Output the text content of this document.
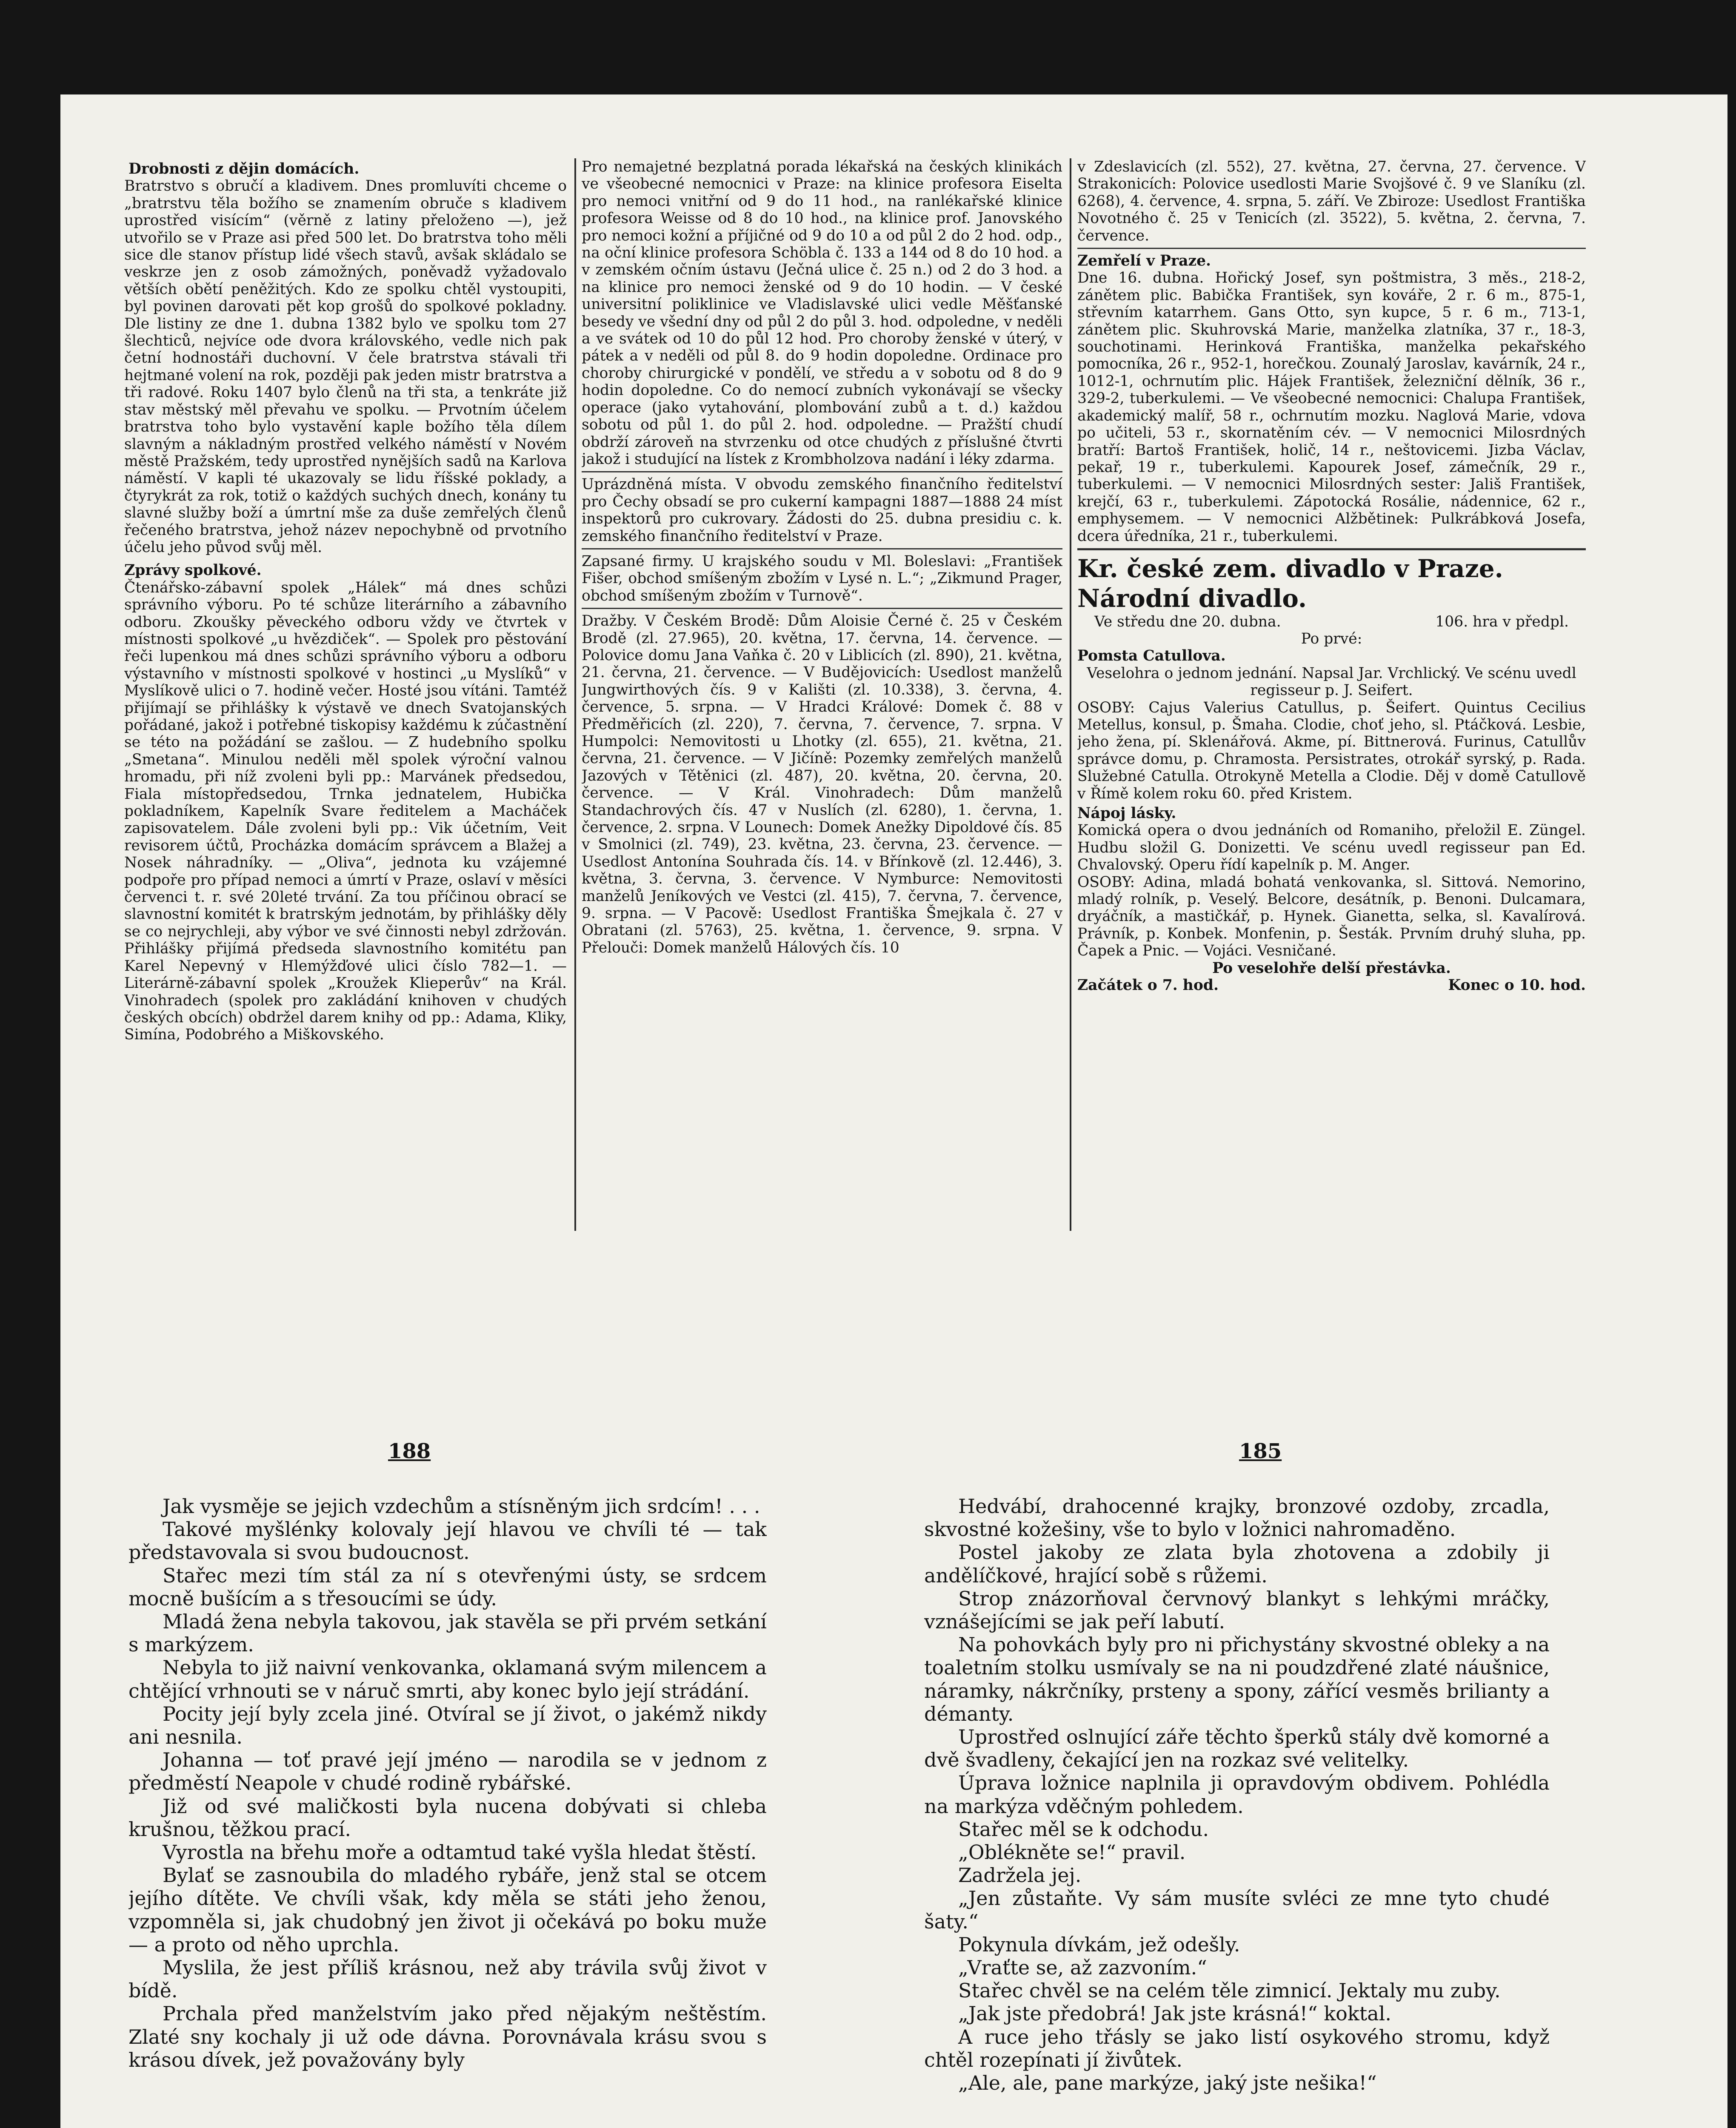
Drobnosti z dějin domácích.

Bratrstvo s obručí a kladivem. Dnes promluvíti chceme o „bratrstvu těla božího se znamením obruče s kladivem uprostřed visícím“ (věrně z latiny přeloženo —), jež utvořilo se v Praze asi před 500 let. Do bratrstva toho měli sice dle stanov přístup lidé všech stavů, avšak skládalo se veskrze jen z osob zámožných, poněvadž vyžadovalo větších obětí peněžitých. Kdo ze spolku chtěl vystoupiti, byl povinen darovati pět kop grošů do spolkové pokladny. Dle listiny ze dne 1. dubna 1382 bylo ve spolku tom 27 šlechticů, nejvíce ode dvora královského, vedle nich pak četní hodnostáři duchovní. V čele bratrstva stávali tři hejtmané volení na rok, později pak jeden mistr bratrstva a tři radové. Roku 1407 bylo členů na tři sta, a tenkráte již stav městský měl převahu ve spolku. — Prvotním účelem bratrstva toho bylo vystavění kaple božího těla dílem slavným a nákladným prostřed velkého náměstí v Novém městě Pražském, tedy uprostřed nynějších sadů na Karlova náměstí. V kapli té ukazovaly se lidu říšské poklady, a čtyrykrát za rok, totiž o každých suchých dnech, konány tu slavné služby boží a úmrtní mše za duše zemřelých členů řečeného bratrstva, jehož název nepochybně od prvotního účelu jeho původ svůj měl.

Zprávy spolkové.

Čtenářsko-zábavní spolek „Hálek“ má dnes schůzi správního výboru. Po té schůze literárního a zábavního odboru. Zkoušky pěveckého odboru vždy ve čtvrtek v místnosti spolkové „u hvězdiček“. — Spolek pro pěstování řeči lupenkou má dnes schůzi správního výboru a odboru výstavního v místnosti spolkové v hostinci „u Myslíků“ v Myslíkově ulici o 7. hodině večer. Hosté jsou vítáni. Tamtéž přijímají se přihlášky k výstavě ve dnech Svatojanských pořádané, jakož i potřebné tiskopisy každému k zúčastnění se této na požádání se zašlou. — Z hudebního spolku „Smetana“. Minulou neděli měl spolek výroční valnou hromadu, při níž zvoleni byli pp.: Marvánek předsedou, Fiala místopředsedou, Trnka jednatelem, Hubička pokladníkem, Kapelník Svare ředitelem a Macháček zapisovatelem. Dále zvoleni byli pp.: Vik účetním, Veit revisorem účtů, Procházka domácím správcem a Blažej a Nosek náhradníky. — „Oliva“, jednota ku vzájemné podpoře pro případ nemoci a úmrtí v Praze, oslaví v měsíci červenci t. r. své 20leté trvání. Za tou příčinou obrací se slavnostní komitét k bratrským jednotám, by přihlášky děly se co nejrychleji, aby výbor ve své činnosti nebyl zdržován. Přihlášky přijímá předseda slavnostního komitétu pan Karel Nepevný v Hlemýžďové ulici číslo 782—1. — Literárně-zábavní spolek „Kroužek Klieperův“ na Král. Vinohradech (spolek pro zakládání knihoven v chudých českých obcích) obdržel darem knihy od pp.: Adama, Kliky, Simína, Podobrého a Miškovského.

Pro nemajetné bezplatná porada lékařská na českých klinikách ve všeobecné nemocnici v Praze: na klinice profesora Eiselta pro nemoci vnitřní od 9 do 11 hod., na ranlékařské klinice profesora Weisse od 8 do 10 hod., na klinice prof. Janovského pro nemoci kožní a příjičné od 9 do 10 a od půl 2 do 2 hod. odp., na oční klinice profesora Schöbla č. 133 a 144 od 8 do 10 hod. a v zemském očním ústavu (Ječná ulice č. 25 n.) od 2 do 3 hod. a na klinice pro nemoci ženské od 9 do 10 hodin. — V české universitní poliklinice ve Vladislavské ulici vedle Měšťanské besedy ve všední dny od půl 2 do půl 3. hod. odpoledne, v neděli a ve svátek od 10 do půl 12 hod. Pro choroby ženské v úterý, v pátek a v neděli od půl 8. do 9 hodin dopoledne. Ordinace pro choroby chirurgické v pondělí, ve středu a v sobotu od 8 do 9 hodin dopoledne. Co do nemocí zubních vykonávají se všecky operace (jako vytahování, plombování zubů a t. d.) každou sobotu od půl 1. do půl 2. hod. odpoledne. — Pražští chudí obdrží zároveň na stvrzenku od otce chudých z příslušné čtvrti jakož i studující na lístek z Krombholzova nadání i léky zdarma.

Uprázdněná místa. V obvodu zemského finančního ředitelství pro Čechy obsadí se pro cukerní kampagni 1887—1888 24 míst inspektorů pro cukrovary. Žádosti do 25. dubna presidiu c. k. zemského finančního ředitelství v Praze.

Zapsané firmy. U krajského soudu v Ml. Boleslavi: „František Fišer, obchod smíšeným zbožím v Lysé n. L.“; „Zikmund Prager, obchod smíšeným zbožím v Turnově“.

Dražby. V Českém Brodě: Dům Aloisie Černé č. 25 v Českém Brodě (zl. 27.965), 20. května, 17. června, 14. července. — Polovice domu Jana Vaňka č. 20 v Liblicích (zl. 890), 21. května, 21. června, 21. července. — V Budějovicích: Usedlost manželů Jungwirthových čís. 9 v Kališti (zl. 10.338), 3. června, 4. července, 5. srpna. — V Hradci Králové: Domek č. 88 v Předměřicích (zl. 220), 7. června, 7. července, 7. srpna. V Humpolci: Nemovitosti u Lhotky (zl. 655), 21. května, 21. června, 21. července. — V Jičíně: Pozemky zemřelých manželů Jazových v Tětěnici (zl. 487), 20. května, 20. června, 20. července. — V Král. Vinohradech: Dům manželů Standachrových čís. 47 v Nuslích (zl. 6280), 1. června, 1. července, 2. srpna. V Lounech: Domek Anežky Dipoldové čís. 85 v Smolnici (zl. 749), 23. května, 23. června, 23. července. — Usedlost Antonína Souhrada čís. 14. v Břínkově (zl. 12.446), 3. května, 3. června, 3. července. V Nymburce: Nemovitosti manželů Jeníkových ve Vestci (zl. 415), 7. června, 7. července, 9. srpna. — V Pacově: Usedlost Františka Šmejkala č. 27 v Obratani (zl. 5763), 25. května, 1. července, 9. srpna. V Přelouči: Domek manželů Hálových čís. 10

v Zdeslavicích (zl. 552), 27. května, 27. června, 27. července. V Strakonicích: Polovice usedlosti Marie Svojšové č. 9 ve Slaníku (zl. 6268), 4. července, 4. srpna, 5. září. Ve Zbiroze: Usedlost Františka Novotného č. 25 v Tenicích (zl. 3522), 5. května, 2. června, 7. července.

Zemřelí v Praze.

Dne 16. dubna. Hořický Josef, syn poštmistra, 3 měs., 218-2, zánětem plic. Babička František, syn kováře, 2 r. 6 m., 875-1, střevním katarrhem. Gans Otto, syn kupce, 5 r. 6 m., 713-1, zánětem plic. Skuhrovská Marie, manželka zlatníka, 37 r., 18-3, souchotinami. Herinková Františka, manželka pekařského pomocníka, 26 r., 952-1, horečkou. Zounalý Jaroslav, kavárník, 24 r., 1012-1, ochrnutím plic. Hájek František, železniční dělník, 36 r., 329-2, tuberkulemi. — Ve všeobecné nemocnici: Chalupa František, akademický malíř, 58 r., ochrnutím mozku. Naglová Marie, vdova po učiteli, 53 r., skornatěním cév. — V nemocnici Milosrdných bratří: Bartoš František, holič, 14 r., neštovicemi. Jizba Václav, pekař, 19 r., tuberkulemi. Kapourek Josef, zámečník, 29 r., tuberkulemi. — V nemocnici Milosrdných sester: Jališ František, krejčí, 63 r., tuberkulemi. Zápotocká Rosálie, nádennice, 62 r., emphysemem. — V nemocnici Alžbětinek: Pulkrábková Josefa, dcera úředníka, 21 r., tuberkulemi.

Kr. české zem. divadlo v Praze.

Národní divadlo.

Ve středu dne 20. dubna.	106. hra v předpl.

Po prvé:

Pomsta Catullova.

Veselohra o jednom jednání. Napsal Jar. Vrchlický. Ve scénu uvedl regisseur p. J. Seifert.

OSOBY: Cajus Valerius Catullus, p. Šeifert. Quintus Cecilius Metellus, konsul, p. Šmaha. Clodie, choť jeho, sl. Ptáčková. Lesbie, jeho žena, pí. Sklenářová. Akme, pí. Bittnerová. Furinus, Catullův správce domu, p. Chramosta. Persistrates, otrokář syrský, p. Rada. Služebné Catulla. Otrokyně Metella a Clodie. Děj v domě Catullově v Římě kolem roku 60. před Kristem.

Nápoj lásky.

Komická opera o dvou jednáních od Romaniho, přeložil E. Züngel. Hudbu složil G. Donizetti. Ve scénu uvedl regisseur pan Ed. Chvalovský. Operu řídí kapelník p. M. Anger.

OSOBY: Adina, mladá bohatá venkovanka, sl. Sittová. Nemorino, mladý rolník, p. Veselý. Belcore, desátník, p. Benoni. Dulcamara, dryáčník, a mastičkář, p. Hynek. Gianetta, selka, sl. Kavalírová. Právník, p. Konbek. Monfenin, p. Šesták. Prvním druhý sluha, pp. Čapek a Pnic. — Vojáci. Vesničané.

Po veselohře delší přestávka.

Začátek o 7. hod.	Konec o 10. hod.
188	185

Jak vysměje se jejich vzdechům a stísněným jich srdcím! . . .

Takové myšlénky kolovaly její hlavou ve chvíli té — tak představovala si svou budoucnost.

Stařec mezi tím stál za ní s otevřenými ústy, se srdcem mocně bušícím a s třesoucími se údy.

Mladá žena nebyla takovou, jak stavěla se při prvém setkání s markýzem.

Nebyla to již naivní venkovanka, oklamaná svým milencem a chtějící vrhnouti se v náruč smrti, aby konec bylo její strádání.

Pocity její byly zcela jiné. Otvíral se jí život, o jakémž nikdy ani nesnila.

Johanna — toť pravé její jméno — narodila se v jednom z předměstí Neapole v chudé rodině rybářské.

Již od své maličkosti byla nucena dobývati si chleba krušnou, těžkou prací.

Vyrostla na břehu moře a odtamtud také vyšla hledat štěstí.

Bylať se zasnoubila do mladého rybáře, jenž stal se otcem jejího dítěte. Ve chvíli však, kdy měla se státi jeho ženou, vzpomněla si, jak chudobný jen život ji očekává po boku muže — a proto od něho uprchla.

Myslila, že jest příliš krásnou, než aby trávila svůj život v bídě.

Prchala před manželstvím jako před nějakým neštěstím. Zlaté sny kochaly ji už ode dávna. Porovnávala krásu svou s krásou dívek, jež považovány byly

Hedvábí, drahocenné krajky, bronzové ozdoby, zrcadla, skvostné kožešiny, vše to bylo v ložnici nahromaděno.

Postel jakoby ze zlata byla zhotovena a zdobily ji andělíčkové, hrající sobě s růžemi.

Strop znázorňoval červnový blankyt s lehkými mráčky, vznášejícími se jak peří labutí.

Na pohovkách byly pro ni přichystány skvostné obleky a na toaletním stolku usmívaly se na ni poudzdřené zlaté náušnice, náramky, nákrčníky, prsteny a spony, zářící vesměs brilianty a démanty.

Uprostřed oslnující záře těchto šperků stály dvě komorné a dvě švadleny, čekající jen na rozkaz své velitelky.

Úprava ložnice naplnila ji opravdovým obdivem. Pohlédla na markýza vděčným pohledem.

Stařec měl se k odchodu.

„Oblékněte se!“ pravil.

Zadržela jej.

„Jen zůstaňte. Vy sám musíte svléci ze mne tyto chudé šaty.“

Pokynula dívkám, jež odešly.

„Vraťte se, až zazvoním.“

Stařec chvěl se na celém těle zimnicí. Jektaly mu zuby.

„Jak jste předobrá! Jak jste krásná!“ koktal.

A ruce jeho třásly se jako listí osykového stromu, když chtěl rozepínati jí živůtek.

„Ale, ale, pane markýze, jaký jste nešika!“
